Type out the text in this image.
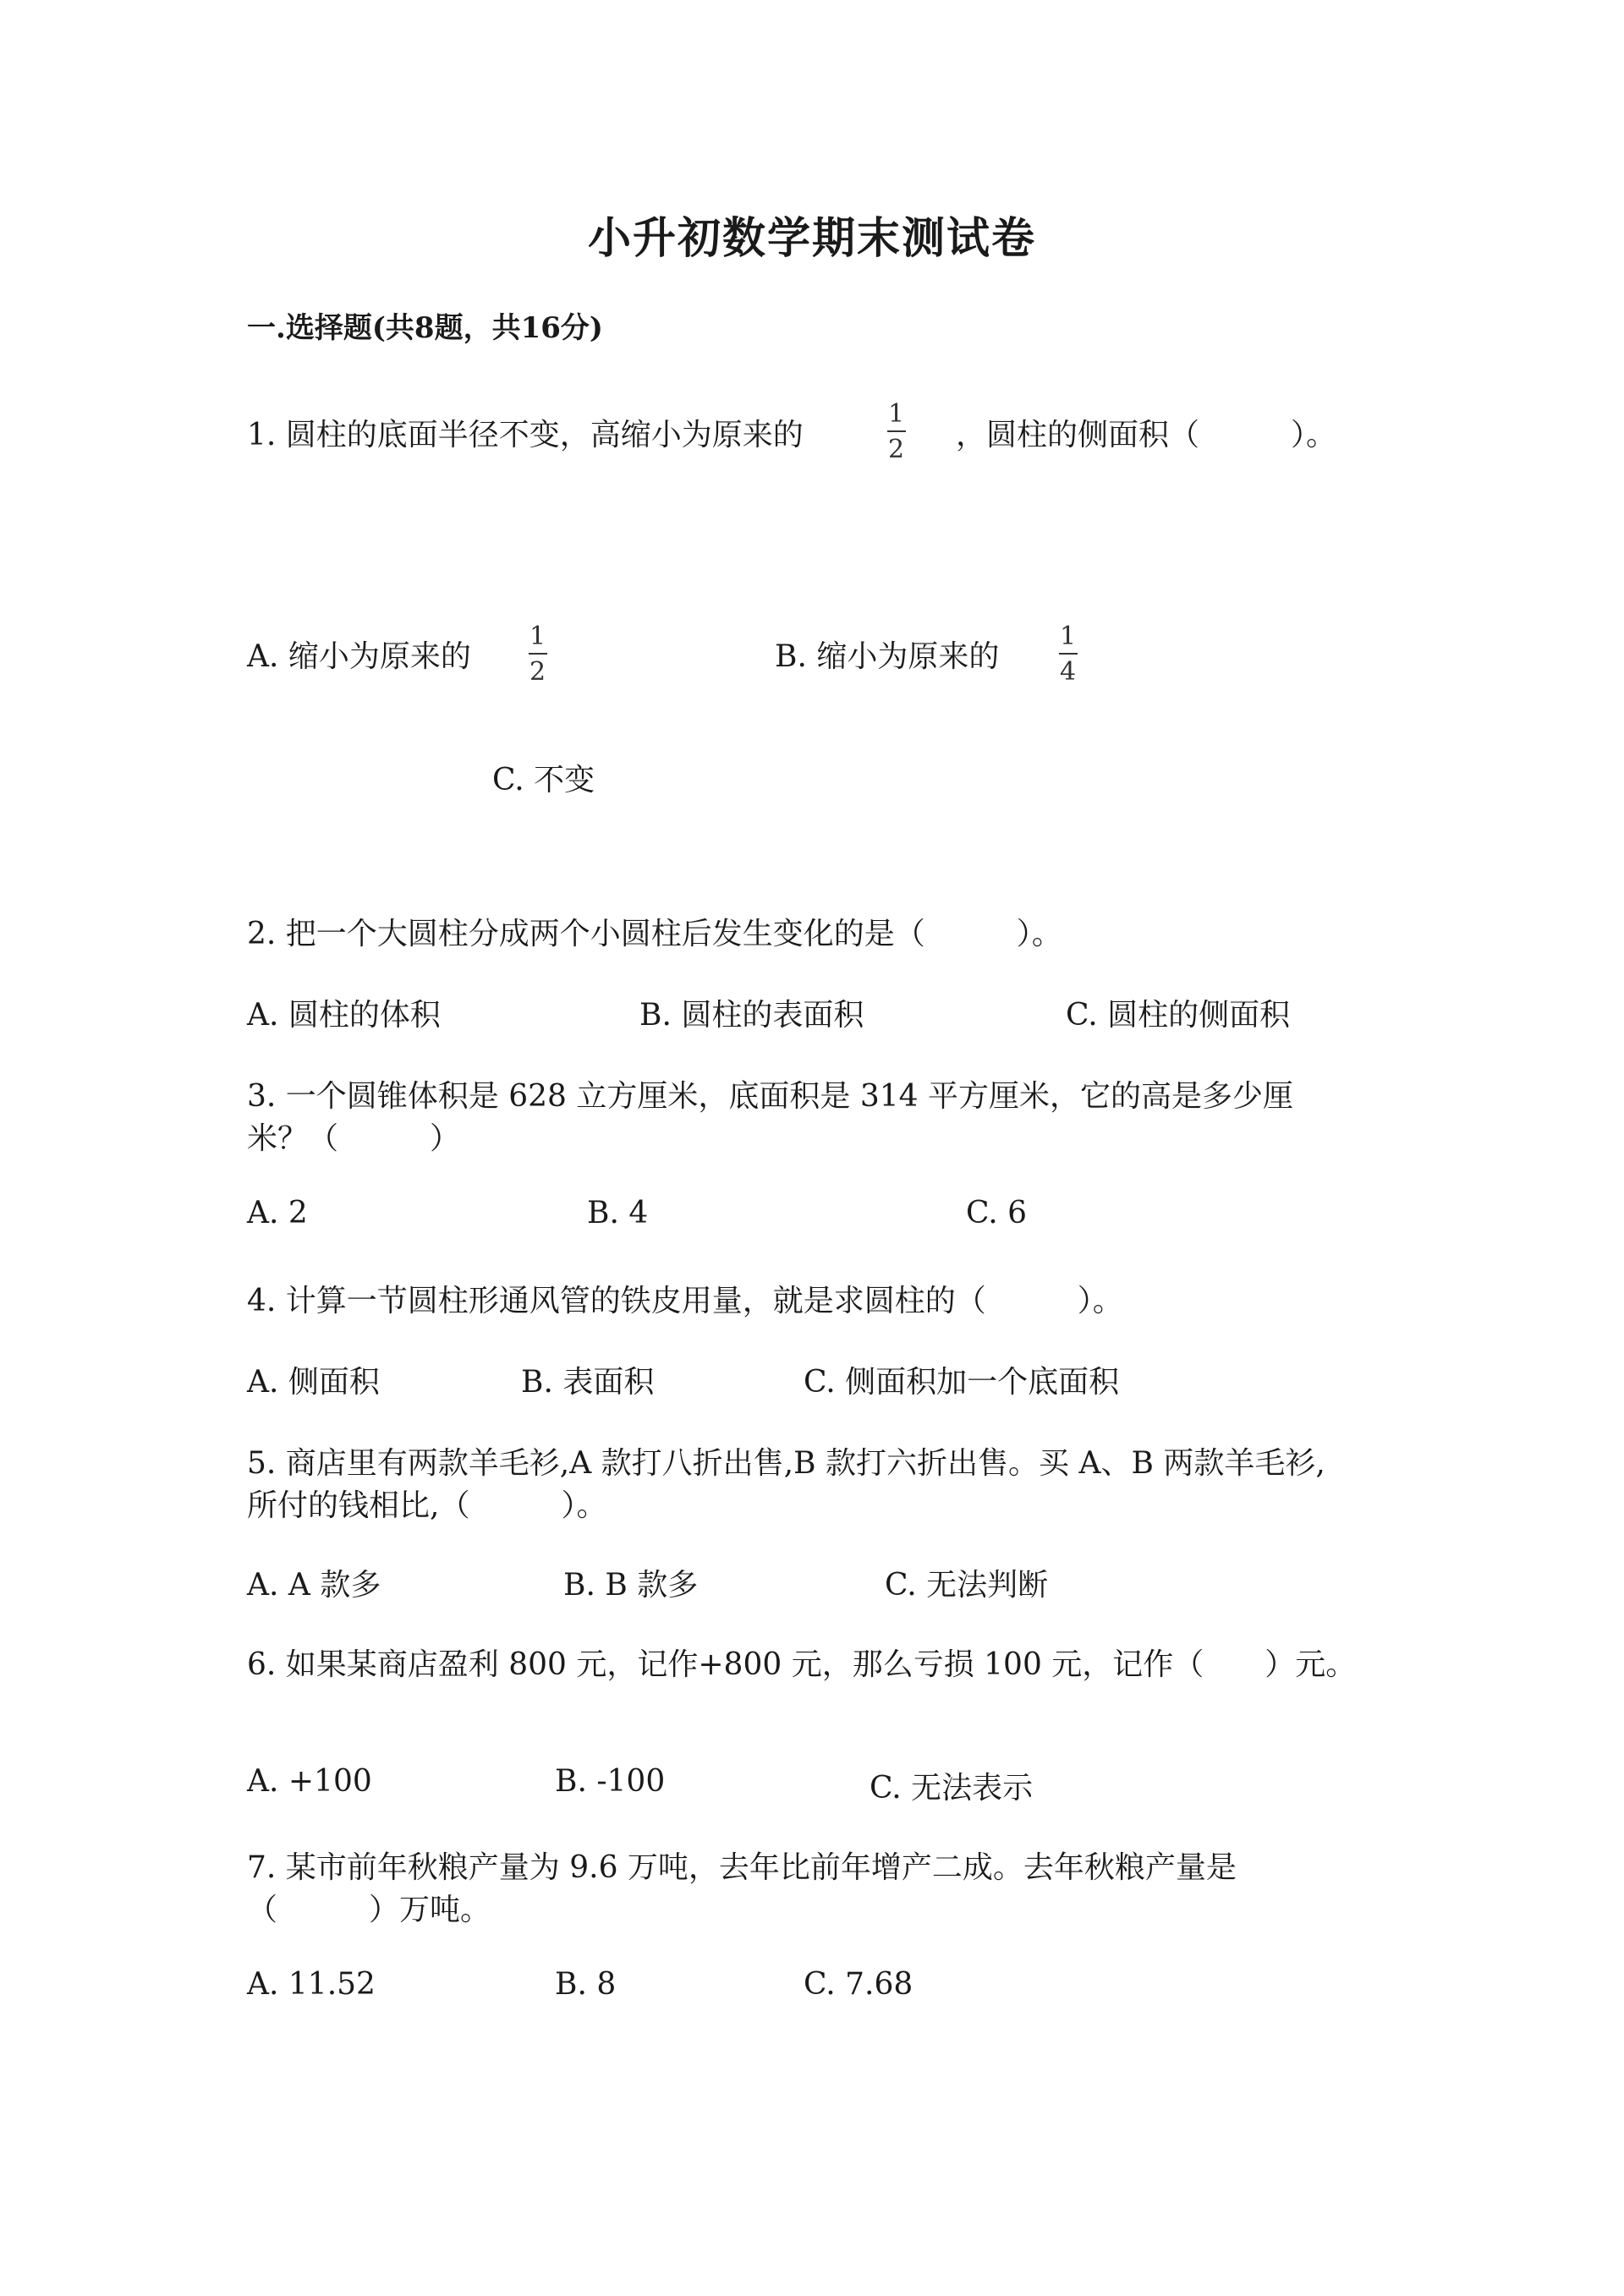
小升初数学期末测试卷
一.选择题(共8题，共16分)
1. 圆柱的底面半径不变，高缩小为原来的
1
2 ，圆柱的侧面积（　　　）。
A. 缩小为原来的
1
2	B. 缩小为原来的
1
4
C. 不变
2. 把一个大圆柱分成两个小圆柱后发生变化的是（　　　）。
A. 圆柱的体积	B. 圆柱的表面积	C. 圆柱的侧面积
3. 一个圆锥体积是 628 立方厘米，底面积是 314 平方厘米，它的高是多少厘
米？（　　　）
A. 2	B. 4	C. 6
4. 计算一节圆柱形通风管的铁皮用量，就是求圆柱的（　　　）。
A. 侧面积	B. 表面积	C. 侧面积加一个底面积
5. 商店里有两款羊毛衫,A 款打八折出售,B 款打六折出售。买 A、B 两款羊毛衫,
所付的钱相比,（　　　）。
A. A 款多	B. B 款多	C. 无法判断
6. 如果某商店盈利 800 元，记作+800 元，那么亏损 100 元，记作（　　）元。
A. +100	B. -100	C. 无法表示
7. 某市前年秋粮产量为 9.6 万吨，去年比前年增产二成。去年秋粮产量是
（　　　）万吨。
A. 11.52	B. 8	C. 7.68
